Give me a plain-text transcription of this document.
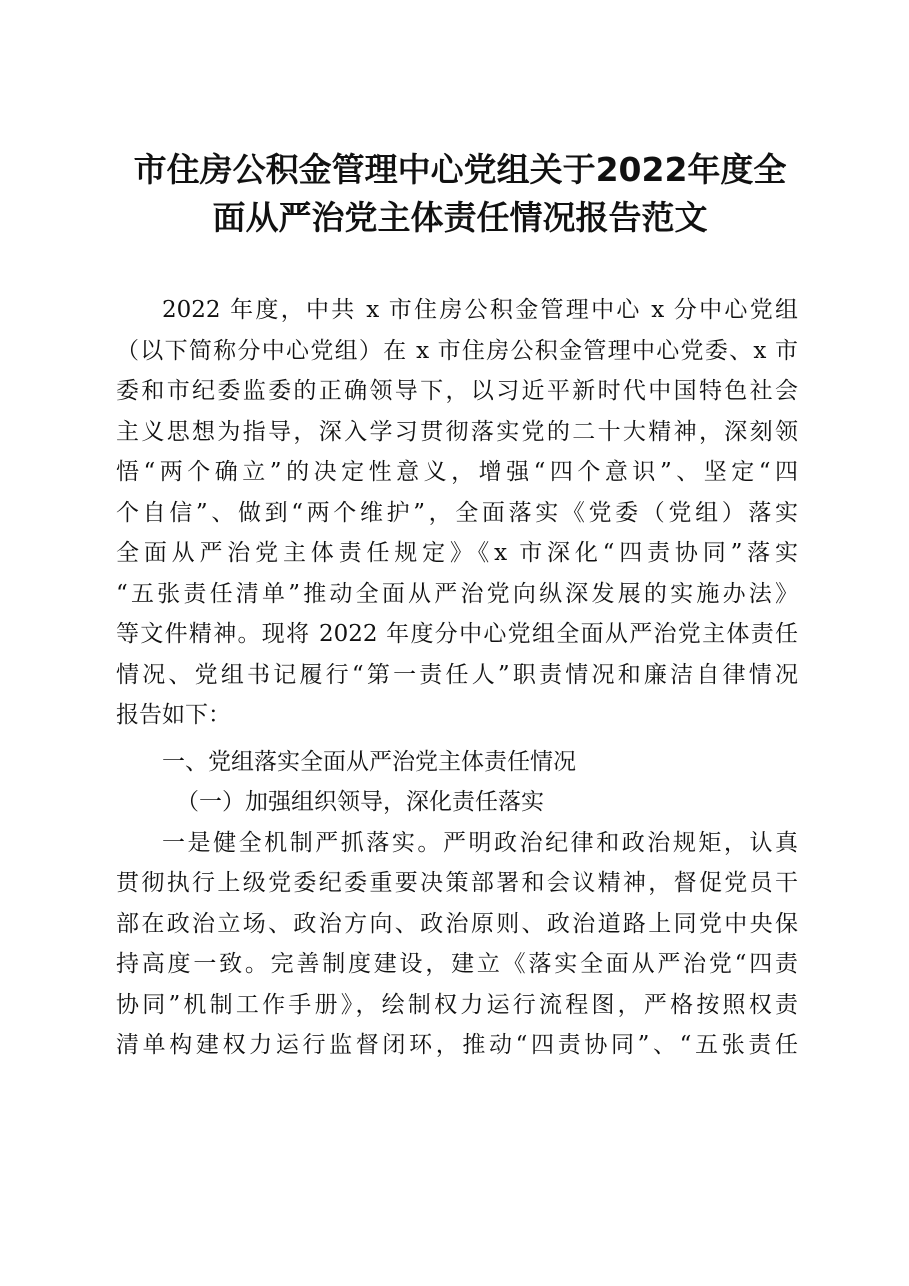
市住房公积金管理中心党组关于2022年度全
面从严治党主体责任情况报告范文
2022 年度，中共 x 市住房公积金管理中心 x 分中心党组
（以下简称分中心党组）在 x 市住房公积金管理中心党委、x 市
委和市纪委监委的正确领导下，以习近平新时代中国特色社会
主义思想为指导，深入学习贯彻落实党的二十大精神，深刻领
悟“两个确立”的决定性意义，增强“四个意识”、坚定“四
个自信”、做到“两个维护”，全面落实《党委（党组）落实
全面从严治党主体责任规定》《x 市深化“四责协同”落实
“五张责任清单”推动全面从严治党向纵深发展的实施办法》
等文件精神。现将 2022 年度分中心党组全面从严治党主体责任
情况、党组书记履行“第一责任人”职责情况和廉洁自律情况
报告如下：
一、党组落实全面从严治党主体责任情况
（一）加强组织领导，深化责任落实
一是健全机制严抓落实。严明政治纪律和政治规矩，认真
贯彻执行上级党委纪委重要决策部署和会议精神，督促党员干
部在政治立场、政治方向、政治原则、政治道路上同党中央保
持高度一致。完善制度建设，建立《落实全面从严治党“四责
协同”机制工作手册》，绘制权力运行流程图，严格按照权责
清单构建权力运行监督闭环，推动“四责协同”、“五张责任
